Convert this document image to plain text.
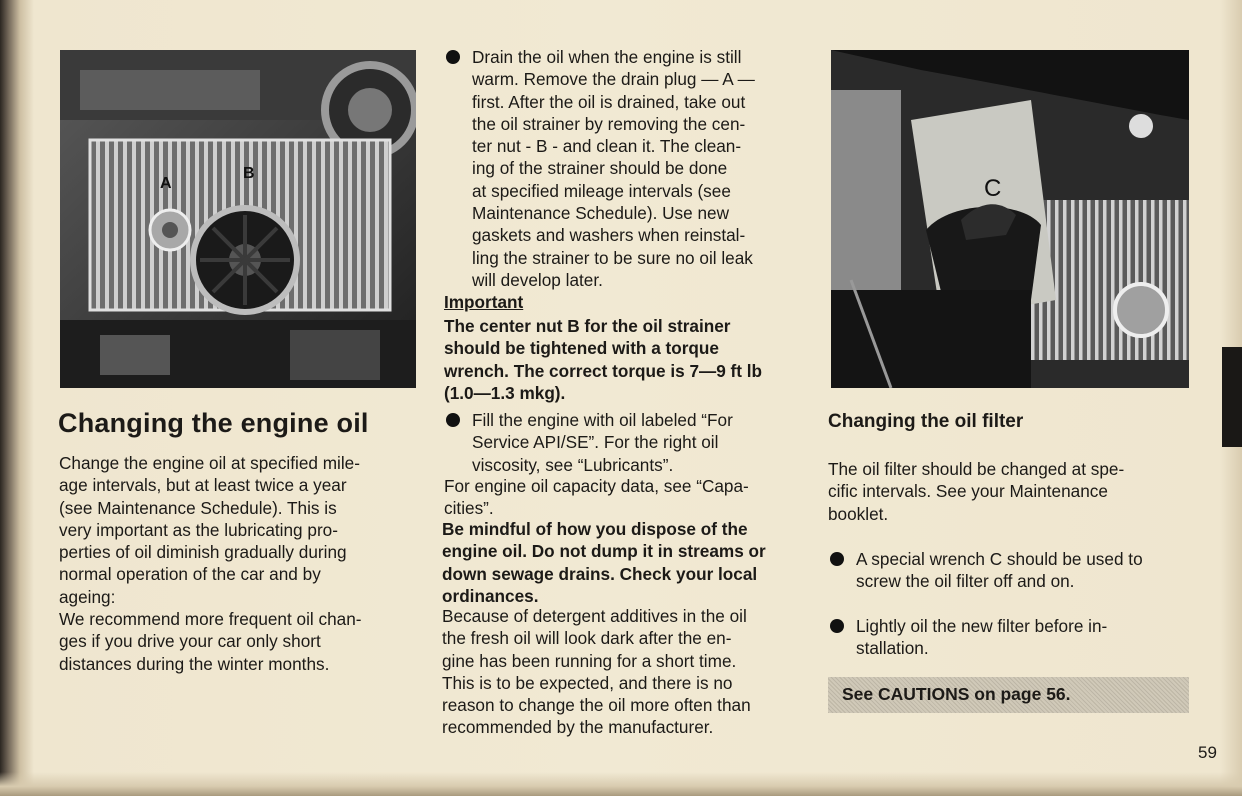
A
B
C
Changing the engine oil
Change the engine oil at specified mile-
age intervals, but at least twice a year
(see Maintenance Schedule). This is
very important as the lubricating pro-
perties of oil diminish gradually during
normal operation of the car and by
ageing:
We recommend more frequent oil chan-
ges if you drive your car only short
distances during the winter months.
Drain the oil when the engine is still
warm. Remove the drain plug — A —
first. After the oil is drained, take out
the oil strainer by removing the cen-
ter nut - B - and clean it. The clean-
ing of the strainer should be done
at specified mileage intervals (see
Maintenance Schedule). Use new
gaskets and washers when reinstal-
ling the strainer to be sure no oil leak
will develop later.
Important
The center nut B for the oil strainer
should be tightened with a torque
wrench. The correct torque is 7—9 ft lb
(1.0—1.3 mkg).
Fill the engine with oil labeled “For
Service API/SE”. For the right oil
viscosity, see “Lubricants”.
For engine oil capacity data, see “Capa-
cities”.
Be mindful of how you dispose of the
engine oil. Do not dump it in streams or
down sewage drains. Check your local
ordinances.
Because of detergent additives in the oil
the fresh oil will look dark after the en-
gine has been running for a short time.
This is to be expected, and there is no
reason to change the oil more often than
recommended by the manufacturer.
Changing the oil filter
The oil filter should be changed at spe-
cific intervals. See your Maintenance
booklet.
A special wrench C should be used to
screw the oil filter off and on.
Lightly oil the new filter before in-
stallation.
See CAUTIONS on page 56.
59
